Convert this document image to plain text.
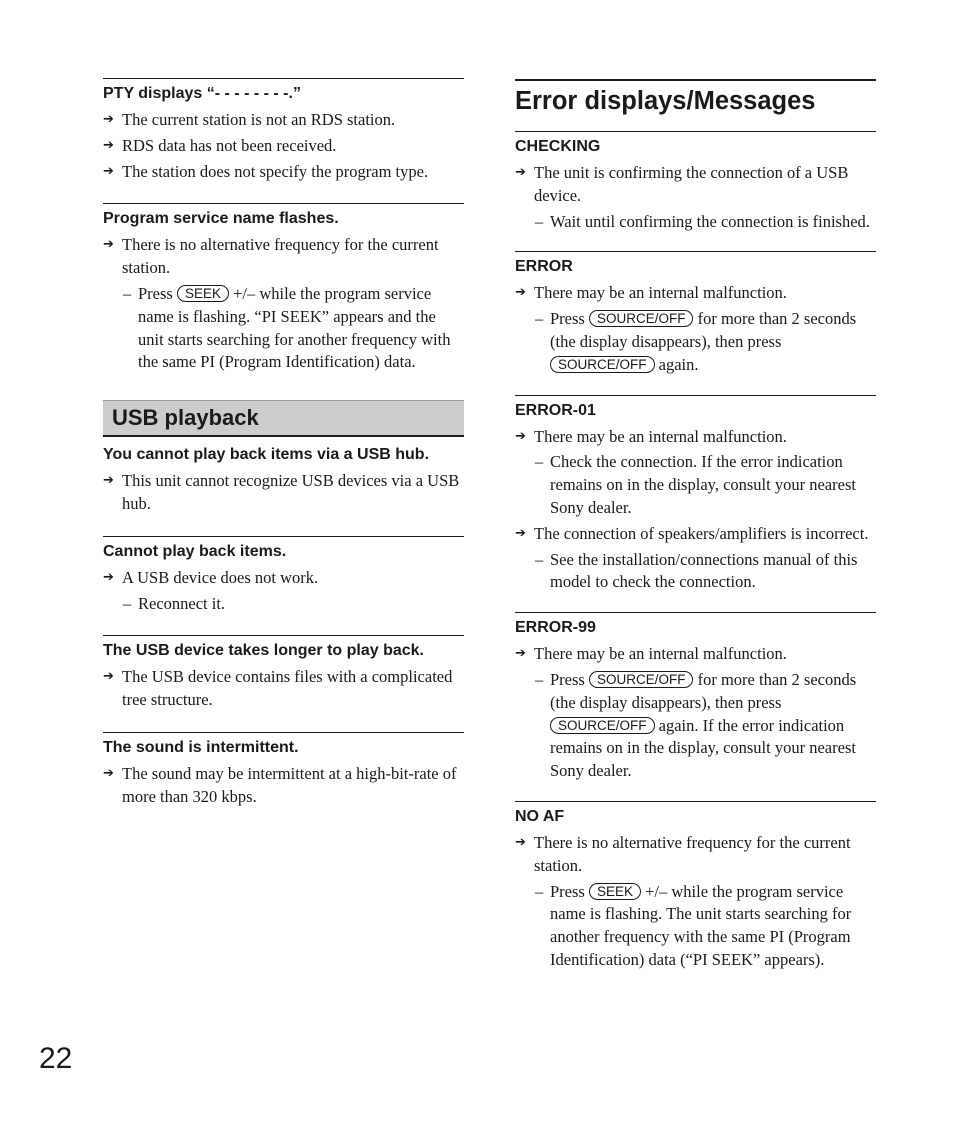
PTY displays “- - - - - - - -.”
➔ The current station is not an RDS station.
➔ RDS data has not been received.
➔ The station does not specify the program type.
Program service name flashes.
➔ There is no alternative frequency for the current station.
– Press SEEK +/– while the program service name is flashing. “PI SEEK” appears and the unit starts searching for another frequency with the same PI (Program Identification) data.
USB playback
You cannot play back items via a USB hub.
➔ This unit cannot recognize USB devices via a USB hub.
Cannot play back items.
➔ A USB device does not work.
– Reconnect it.
The USB device takes longer to play back.
➔ The USB device contains files with a complicated tree structure.
The sound is intermittent.
➔ The sound may be intermittent at a high-bit-rate of more than 320 kbps.
Error displays/Messages
CHECKING
➔ The unit is confirming the connection of a USB device.
– Wait until confirming the connection is finished.
ERROR
➔ There may be an internal malfunction.
– Press SOURCE/OFF for more than 2 seconds (the display disappears), then press SOURCE/OFF again.
ERROR-01
➔ There may be an internal malfunction.
– Check the connection. If the error indication remains on in the display, consult your nearest Sony dealer.
➔ The connection of speakers/amplifiers is incorrect.
– See the installation/connections manual of this model to check the connection.
ERROR-99
➔ There may be an internal malfunction.
– Press SOURCE/OFF for more than 2 seconds (the display disappears), then press SOURCE/OFF again. If the error indication remains on in the display, consult your nearest Sony dealer.
NO AF
➔ There is no alternative frequency for the current station.
– Press SEEK +/– while the program service name is flashing. The unit starts searching for another frequency with the same PI (Program Identification) data (“PI SEEK” appears).
22
